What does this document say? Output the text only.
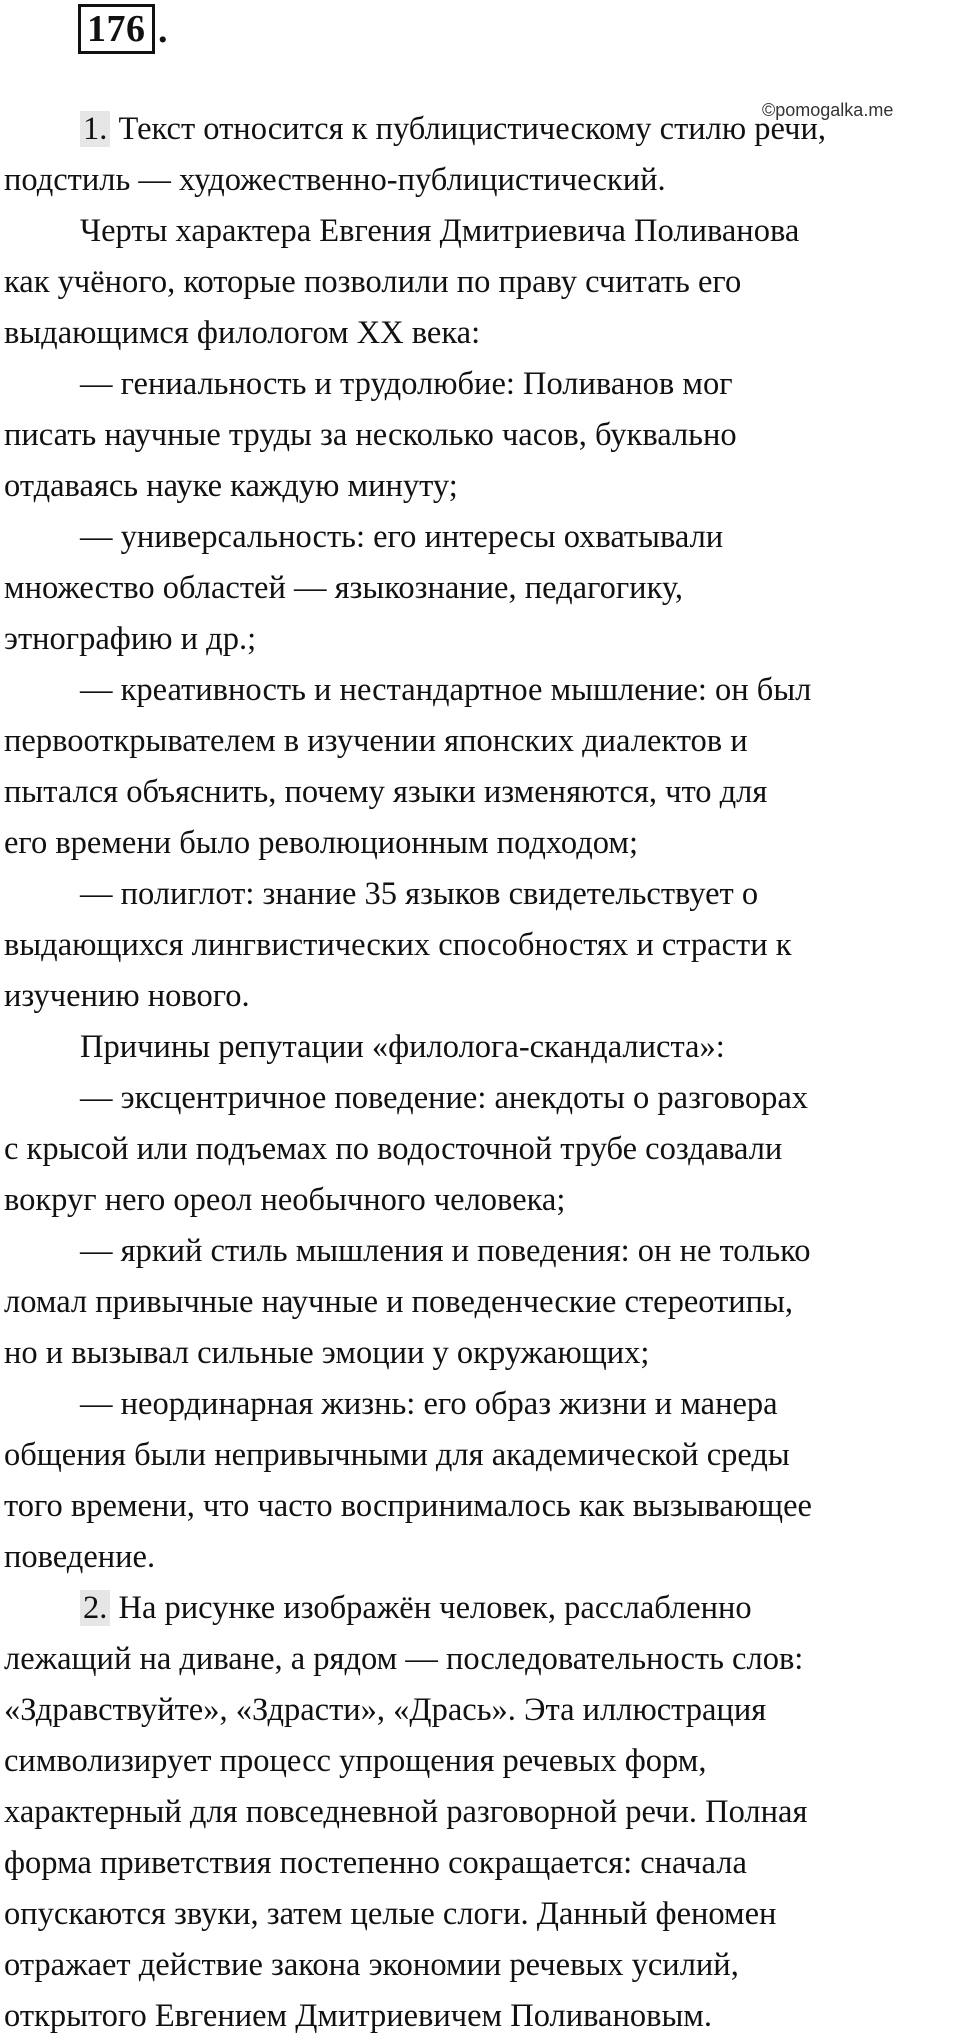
176 .
©pomogalka.me
1. Текст относится к публицистическому стилю речи,
подстиль — художественно-публицистический.
Черты характера Евгения Дмитриевича Поливанова
как учёного, которые позволили по праву считать его
выдающимся филологом XX века:
— гениальность и трудолюбие: Поливанов мог
писать научные труды за несколько часов, буквально
отдаваясь науке каждую минуту;
— универсальность: его интересы охватывали
множество областей — языкознание, педагогику,
этнографию и др.;
— креативность и нестандартное мышление: он был
первооткрывателем в изучении японских диалектов и
пытался объяснить, почему языки изменяются, что для
его времени было революционным подходом;
— полиглот: знание 35 языков свидетельствует о
выдающихся лингвистических способностях и страсти к
изучению нового.
Причины репутации «филолога-скандалиста»:
— эксцентричное поведение: анекдоты о разговорах
с крысой или подъемах по водосточной трубе создавали
вокруг него ореол необычного человека;
— яркий стиль мышления и поведения: он не только
ломал привычные научные и поведенческие стереотипы,
но и вызывал сильные эмоции у окружающих;
— неординарная жизнь: его образ жизни и манера
общения были непривычными для академической среды
того времени, что часто воспринималось как вызывающее
поведение.
2. На рисунке изображён человек, расслабленно
лежащий на диване, а рядом — последовательность слов:
«Здравствуйте», «Здрасти», «Дрась». Эта иллюстрация
символизирует процесс упрощения речевых форм,
характерный для повседневной разговорной речи. Полная
форма приветствия постепенно сокращается: сначала
опускаются звуки, затем целые слоги. Данный феномен
отражает действие закона экономии речевых усилий,
открытого Евгением Дмитриевичем Поливановым.
